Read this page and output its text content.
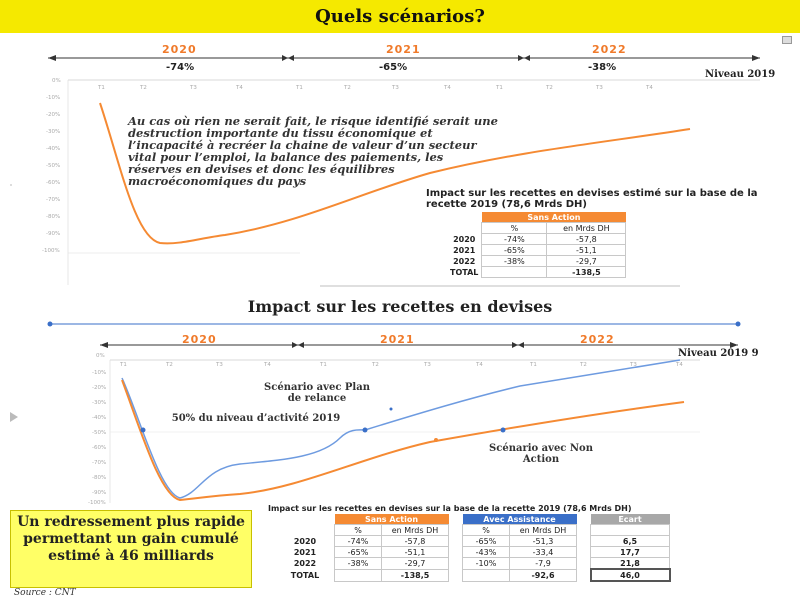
Quels scénarios?
0%
-10%
-20%
-30%
-40%
-50%
-60%
-70%
-80%
-90%
-100%
T1	T2	T3	T4	T1	T2	T3	T4	T1	T2	T3	T4
2020	2021	2022
-74%	-65%	-38%
Niveau 2019
Au cas où rien ne serait fait, le risque identifié serait une destruction importante du tissu économique et l’incapacité à recréer la chaine de valeur d’un secteur vital pour l’emploi, la balance des paiements, les réserves en devises et donc les équilibres macroéconomiques du pays
Impact sur les recettes en devises estimé sur la base de la recette 2019 (78,6 Mrds DH)
	Sans Action	
	%	en Mrds DH
2020	-74%	-57,8
2021	-65%	-51,1
2022	-38%	-29,7
TOTAL		-138,5
Impact sur les recettes en devises
0%
-10%
-20%
-30%
-40%
-50%
-60%
-70%
-80%
-90%
-100%
T1	T2	T3	T4	T1	T2	T3	T4	T1	T2	T3	T4
2020	2021	2022
Niveau 2019 9
Scénario avec Plan de relance
50% du niveau d’activité 2019
Scénario avec Non Action
Un redressement plus rapide permettant un gain cumulé estimé à 46 milliards
Source : CNT
Impact sur les recettes en devises sur la base de la recette 2019 (78,6 Mrds DH)
	Sans Action			Avec Assistance			Ecart
	%	en Mrds DH		%	en Mrds DH		
2020	-74%	-57,8		-65%	-51,3		6,5
2021	-65%	-51,1		-43%	-33,4		17,7
2022	-38%	-29,7		-10%	-7,9		21,8
TOTAL		-138,5			-92,6		46,0
